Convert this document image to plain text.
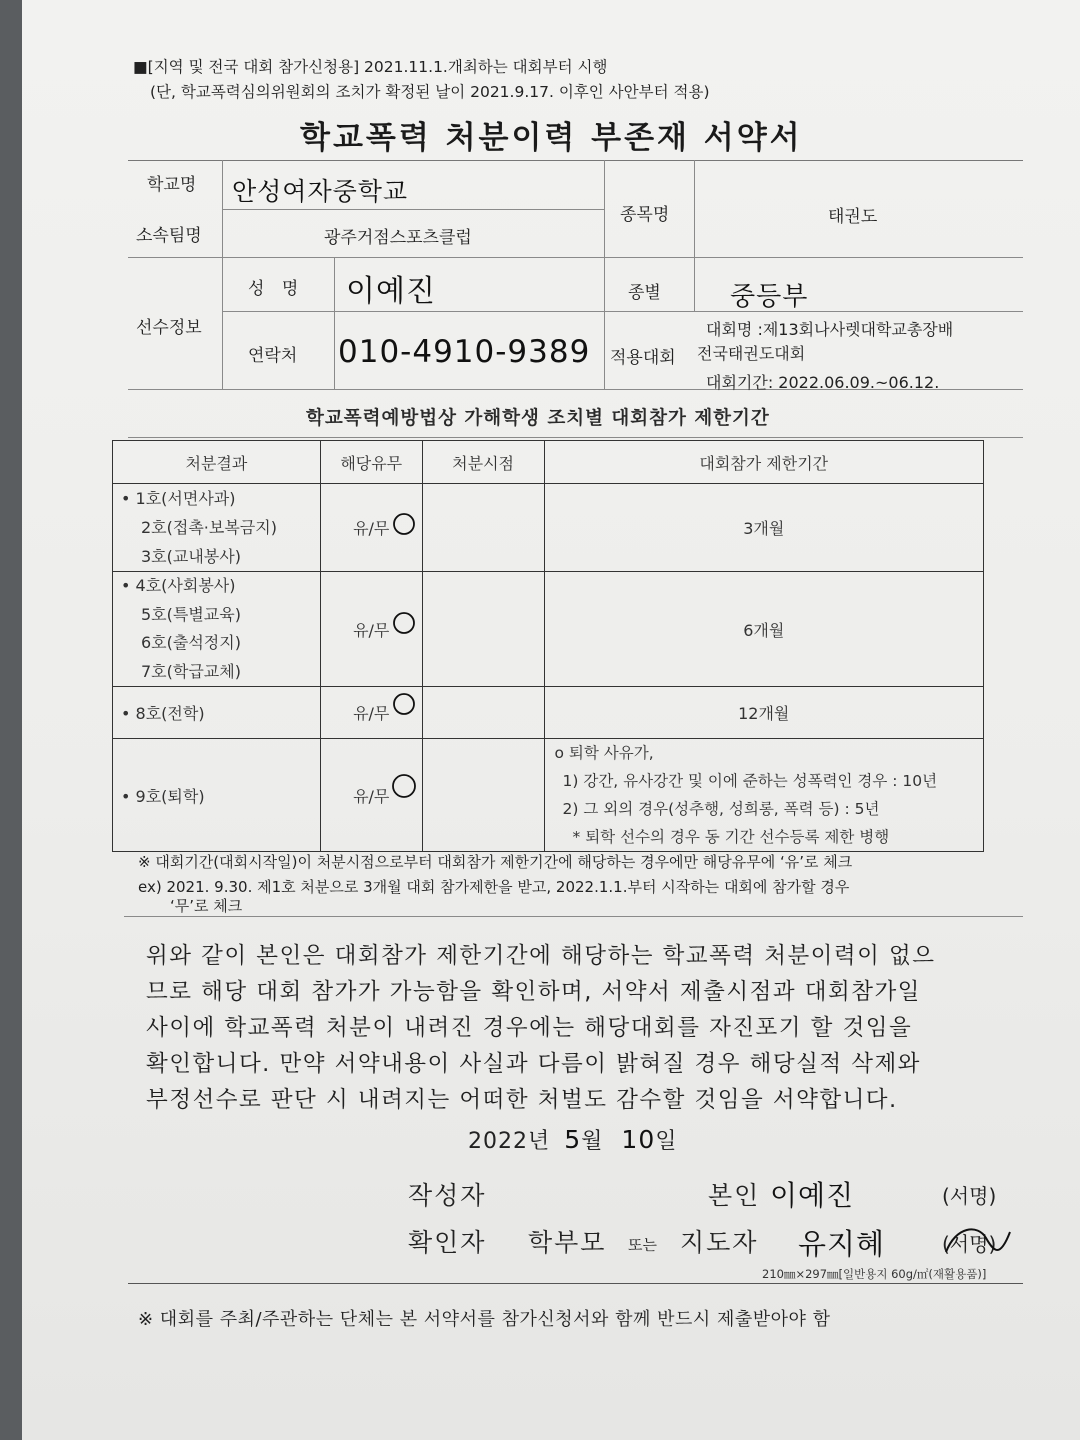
■[지역 및 전국 대회 참가신청용] 2021.11.1.개최하는 대회부터 시행
(단, 학교폭력심의위원회의 조치가 확정된 날이 2021.9.17. 이후인 사안부터 적용)
학교폭력 처분이력 부존재 서약서
학교명 안성여자중학교
소속팀명	광주거점스포츠클럽
종목명	태권도
선수정보
성 명 이예진	종별	중등부
연락처 010-4910-9389 적용대회
대회명 :제13회나사렛대학교총장배
전국태권도대회
대회기간: 2022.06.09.~06.12.
학교폭력예방법상 가해학생 조치별 대회참가 제한기간
처분결과	해당유무	처분시점	대회참가 제한기간

• 1호(서면사과)
2호(접촉·보복금지)
3호(교내봉사)	유/무		3개월

• 4호(사회봉사)
5호(특별교육)
6호(출석정지)
7호(학급교체)	유/무		6개월

• 8호(전학)	유/무		12개월

• 9호(퇴학)	유/무		o 퇴학 사유가,
1) 강간, 유사강간 및 이에 준하는 성폭력인 경우 : 10년
2) 그 외의 경우(성추행, 성희롱, 폭력 등) : 5년
* 퇴학 선수의 경우 동 기간 선수등록 제한 병행
※ 대회기간(대회시작일)이 처분시점으로부터 대회참가 제한기간에 해당하는 경우에만 해당유무에 ‘유’로 체크
ex) 2021. 9.30. 제1호 처분으로 3개월 대회 참가제한을 받고, 2022.1.1.부터 시작하는 대회에 참가할 경우
‘무’로 체크
위와 같이 본인은 대회참가 제한기간에 해당하는 학교폭력 처분이력이 없으
므로 해당 대회 참가가 가능함을 확인하며, 서약서 제출시점과 대회참가일
사이에 학교폭력 처분이 내려진 경우에는 해당대회를 자진포기 할 것임을
확인합니다. 만약 서약내용이 사실과 다름이 밝혀질 경우 해당실적 삭제와
부정선수로 판단 시 내려지는 어떠한 처벌도 감수할 것임을 서약합니다.
2022년 5월 10일
작성자	본인 이예진	(서명)
확인자 학부모 또는 지도자 유지혜	(서명)
210㎜×297㎜[일반용지 60g/㎡(재활용품)]
※ 대회를 주최/주관하는 단체는 본 서약서를 참가신청서와 함께 반드시 제출받아야 함
